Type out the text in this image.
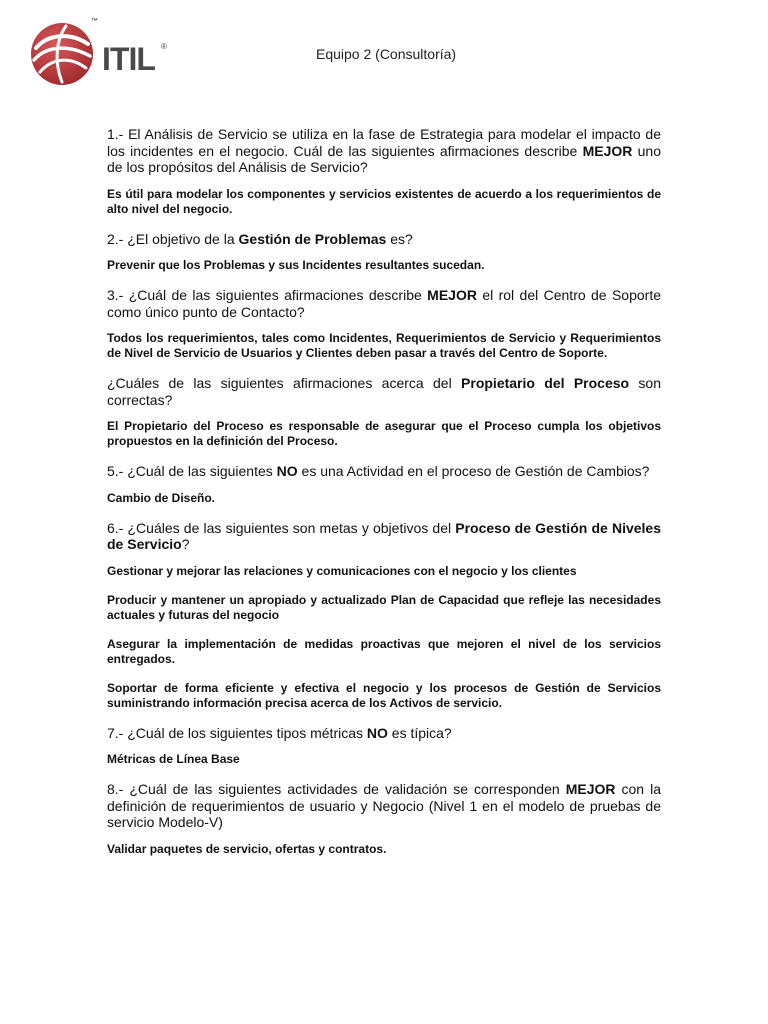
™
ITIL ®	Equipo 2 (Consultoría)

1.- El Análisis de Servicio se utiliza en la fase de Estrategia para modelar el impacto de los incidentes en el negocio. Cuál de las siguientes afirmaciones describe MEJOR uno de los propósitos del Análisis de Servicio?

Es útil para modelar los componentes y servicios existentes de acuerdo a los requerimientos de alto nivel del negocio.

2.- ¿El objetivo de la Gestión de Problemas es?

Prevenir que los Problemas y sus Incidentes resultantes sucedan.

3.- ¿Cuál de las siguientes afirmaciones describe MEJOR el rol del Centro de Soporte como único punto de Contacto?

Todos los requerimientos, tales como Incidentes, Requerimientos de Servicio y Requerimientos de Nivel de Servicio de Usuarios y Clientes deben pasar a través del Centro de Soporte.

¿Cuáles de las siguientes afirmaciones acerca del Propietario del Proceso son correctas?

El Propietario del Proceso es responsable de asegurar que el Proceso cumpla los objetivos propuestos en la definición del Proceso.

5.- ¿Cuál de las siguientes NO es una Actividad en el proceso de Gestión de Cambios?

Cambio de Diseño.

6.- ¿Cuáles de las siguientes son metas y objetivos del Proceso de Gestión de Niveles de Servicio?

Gestionar y mejorar las relaciones y comunicaciones con el negocio y los clientes

Producir y mantener un apropiado y actualizado Plan de Capacidad que refleje las necesidades actuales y futuras del negocio

Asegurar la implementación de medidas proactivas que mejoren el nivel de los servicios entregados.

Soportar de forma eficiente y efectiva el negocio y los procesos de Gestión de Servicios suministrando información precisa acerca de los Activos de servicio.

7.- ¿Cuál de los siguientes tipos métricas NO es típica?

Métricas de Línea Base

8.- ¿Cuál de las siguientes actividades de validación se corresponden MEJOR con la definición de requerimientos de usuario y Negocio (Nivel 1 en el modelo de pruebas de servicio Modelo-V)

Validar paquetes de servicio, ofertas y contratos.
